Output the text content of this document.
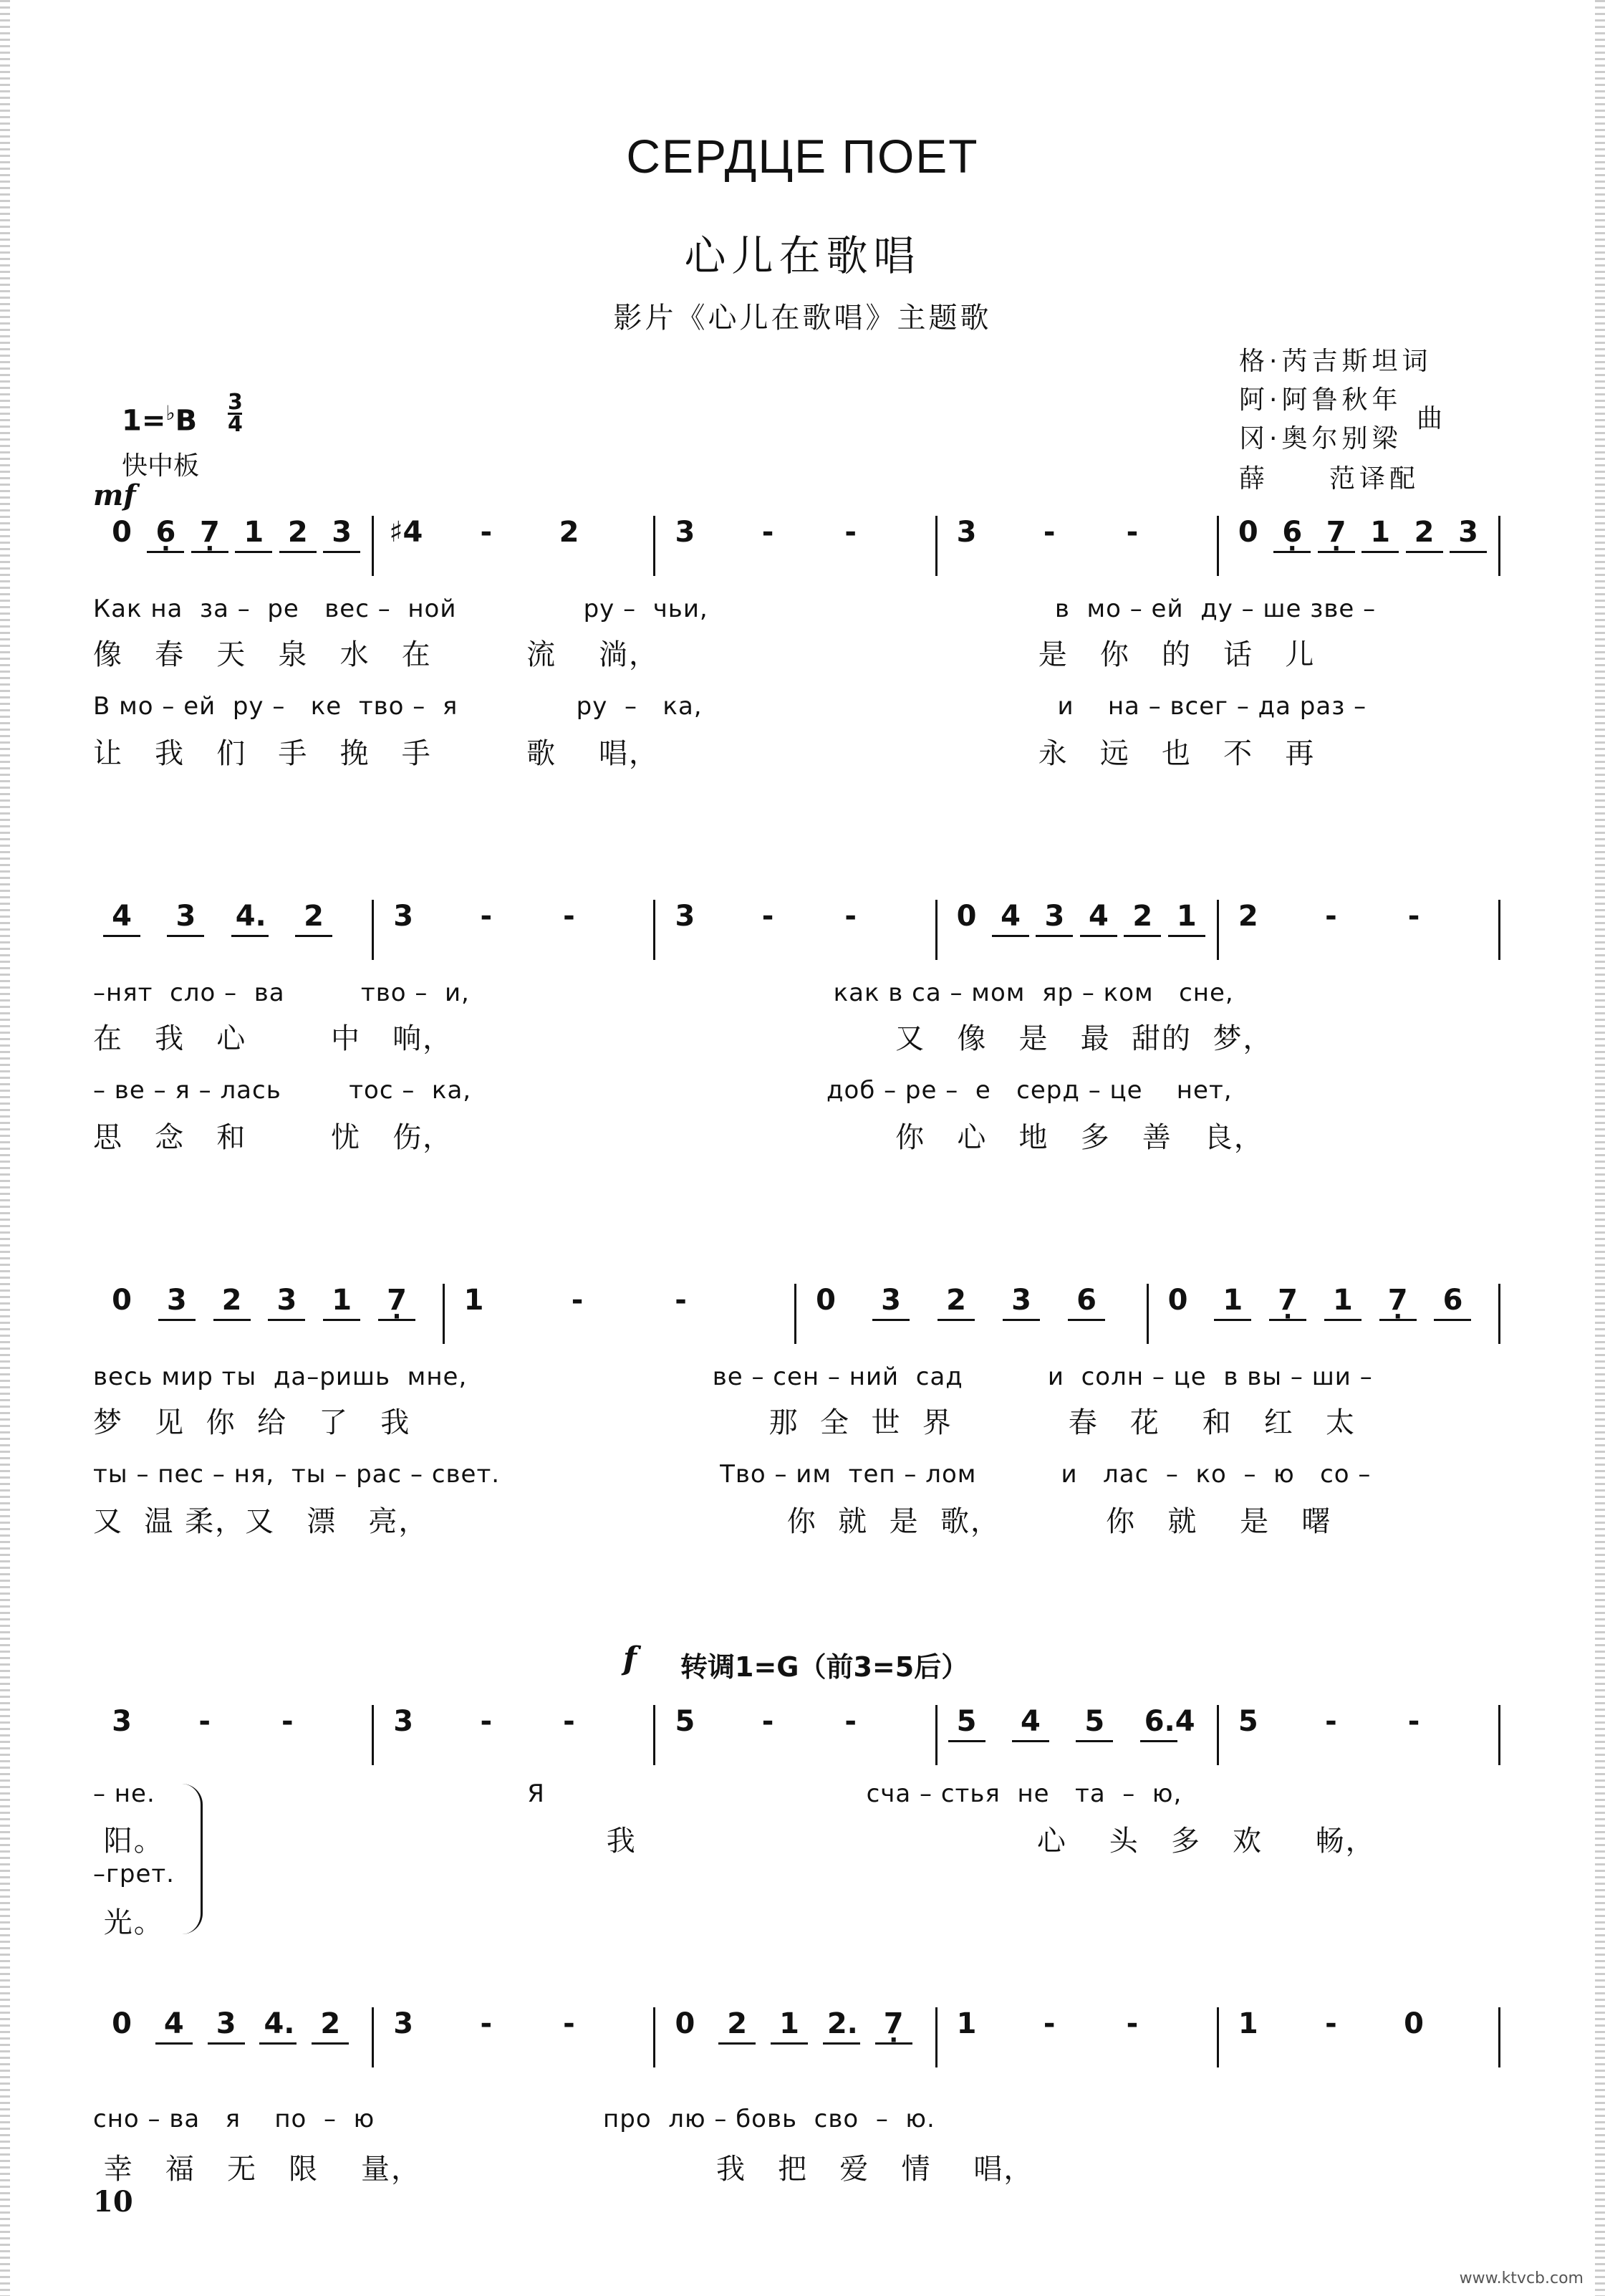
СЕРДЦЕ ПОЕТ
心儿在歌唱
影片《心儿在歌唱》主题歌
格·芮吉斯坦词
阿·阿鲁秋年
冈·奥尔别梁
曲
薛　　范译配
1=♭B
3
4
快中板
mf
f 转调1=G（前3=5后）
0 · 6 · 7 1 2 3 ♯4 - 2	3 - -	3 - -	0 · 6 · 7 1 2 3
Как на  за –  ре   вес –  ной               ру –  чьи,                                         в  мо – ей  ду – ше зве –
像   春   天   泉   水   在         流    淌，                                    是   你   的   话   儿
В мо – ей  ру –   ке  тво –  я              ру  –   ка,                                          и    на – всег – да раз –
让   我   们   手   挽   手         歌    唱，                                    永   远   也   不   再
4 3 4. 2 3 - -	3 - -	0 4 3 4 2 1 2 - -
–нят  сло –  ва         тво –  и,                                           как в са – мом  яр – ком   сне,
在   我   心        中   响，                                          又   像   是   最  甜的  梦，
– ве – я – лась        тос –  ка,                                          доб – ре –  е   серд – це    нет,
思   念   和        忧   伤，                                          你   心   地   多   善   良，
0 3 2 3 1 · 7 1	-	-	0 3 2 3 6 0 1 · 7 1 · 7 6
весь мир ты  да–ришь  мне,                             ве – сен – ний  сад          и  солн – це  в вы – ши –
梦   见  你  给   了   我                                  那  全  世  界           春   花    和   红   太
ты – пес – ня,  ты – рас – свет.                          Тво – им  теп – лом          и   лас  –  ко  –  ю   со –
又  温 柔，又   漂   亮，                                  你  就  是  歌，          你   就    是   曙
3 - -	3 - -	5 - -	5 4 5 6.4 5 - -
– не.                                            Я                                      сча – стья  не   та  –  ю,
阳。                                          我                                      心    头   多   欢     畅，
–грет.
光。
0 4 3 4. 2 3 - -	0 2 1 2. · 7 1 - -	1 - 0
сно – ва   я    по  –  ю                           про  лю – бовь  сво  –  ю.
幸   福   无   限    量，                            我   把   爱   情    唱，
10
www.ktvcb.com
